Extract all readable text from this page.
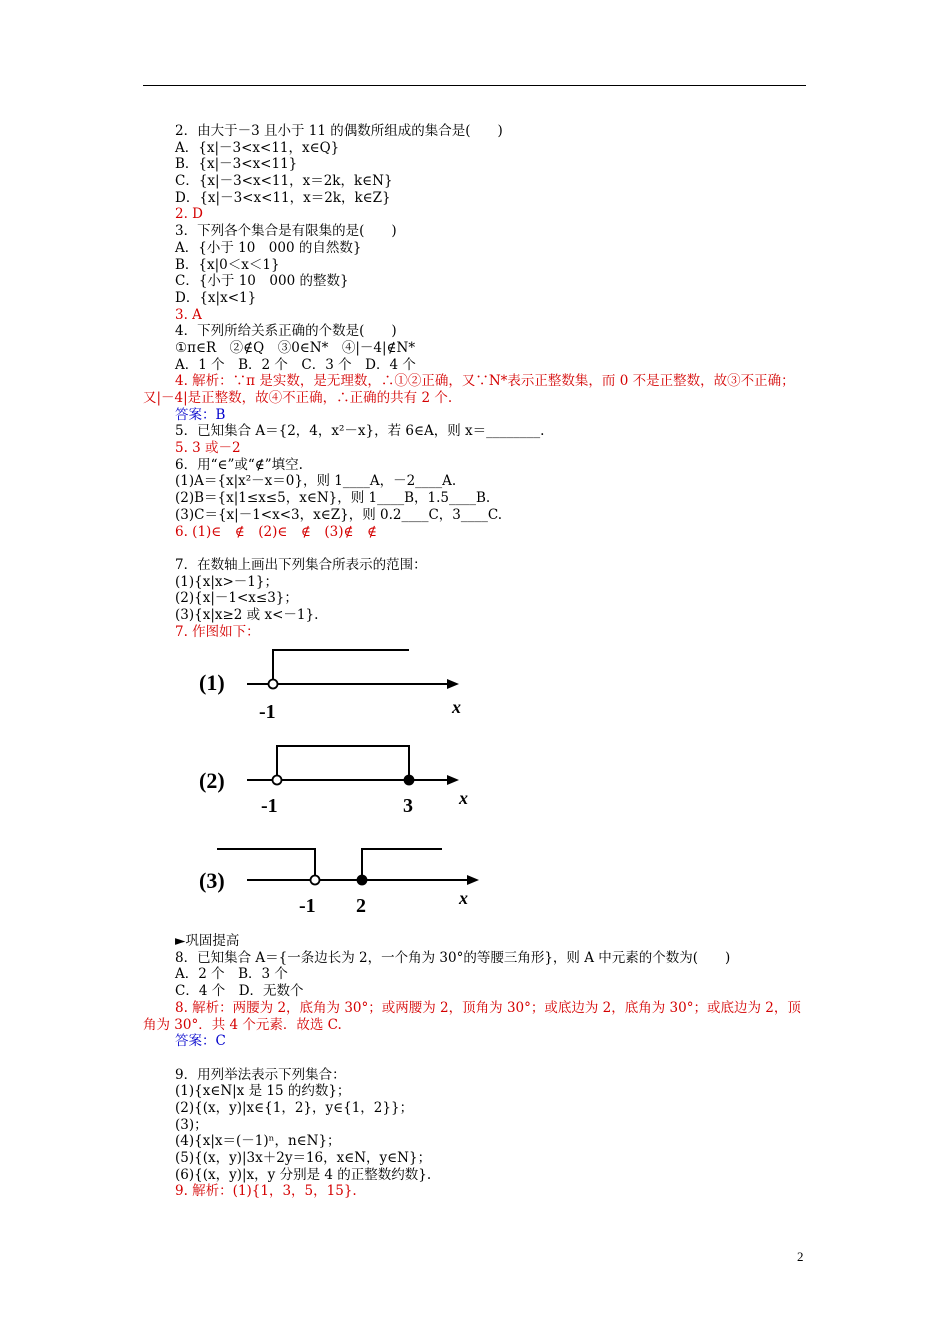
2．由大于－3 且小于 11 的偶数所组成的集合是(　　)
A．{x|－3<x<11，x∈Q}
B．{x|－3<x<11}
C．{x|－3<x<11，x＝2k，k∈N}
D．{x|－3<x<11，x＝2k，k∈Z}
2. D
3．下列各个集合是有限集的是(　　)
A．{小于 10　000 的自然数}
B．{x|0＜x＜1}
C．{小于 10　000 的整数}
D．{x|x<1}
3. A
4．下列所给关系正确的个数是(　　)
①π∈R　②∉Q　③0∈N*　④|－4|∉N*
A．1 个　B．2 个　C．3 个　D．4 个
4. 解析：∵π 是实数，是无理数，∴①②正确，又∵N*表示正整数集，而 0 不是正整数，故③不正确；又|－4|是正整数，故④不正确，∴正确的共有 2 个.
答案：B
5．已知集合 A＝{2，4，x²－x}，若 6∈A，则 x＝________.
5. 3 或－2
6．用“∈”或“∉”填空.
(1)A＝{x|x²－x＝0}，则 1____A，－2____A.
(2)B＝{x|1≤x≤5，x∈N}，则 1____B，1.5____B.
(3)C＝{x|－1<x<3，x∈Z}，则 0.2____C，3____C.
6. (1)∈　∉　(2)∈　∉　(3)∉　∉
7．在数轴上画出下列集合所表示的范围：
(1){x|x>－1}；
(2){x|－1<x≤3}；
(3){x|x≥2 或 x<－1}.
7. 作图如下：
(1)
-1	x
(2)
-1	3	x
(3)
-1 2	x
►巩固提高
8．已知集合 A＝{一条边长为 2，一个角为 30°的等腰三角形}，则 A 中元素的个数为(　　)
A．2 个　B．3 个
C．4 个　D．无数个
8. 解析：两腰为 2，底角为 30°；或两腰为 2，顶角为 30°；或底边为 2，底角为 30°；或底边为 2，顶角为 30°．共 4 个元素．故选 C.
答案：C
9．用列举法表示下列集合：
(1){x∈N|x 是 15 的约数}；
(2){(x，y)|x∈{1，2}，y∈{1，2}}；
(3)；
(4){x|x＝(－1)ⁿ，n∈N}；
(5){(x，y)|3x＋2y＝16，x∈N，y∈N}；
(6){(x，y)|x，y 分别是 4 的正整数约数}.
9. 解析：(1){1，3，5，15}.
2
